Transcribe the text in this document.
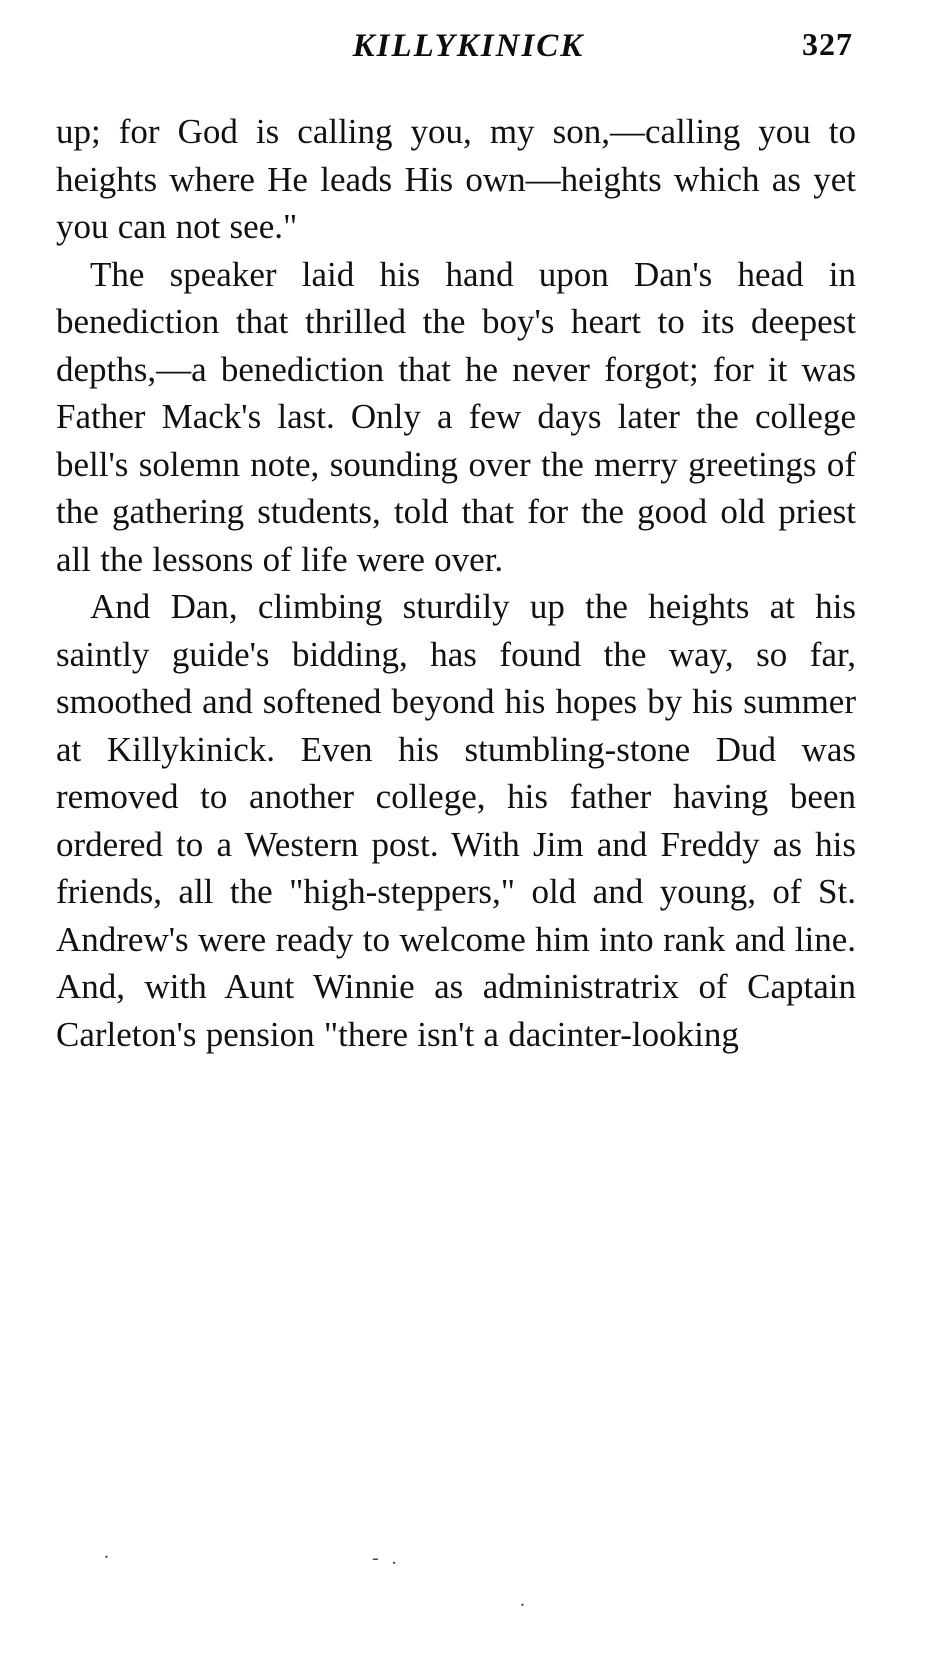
KILLYKINICK	327

up; for God is calling you, my son,—calling you to heights where He leads His own—heights which as yet you can not see."

The speaker laid his hand upon Dan's head in benediction that thrilled the boy's heart to its deepest depths,—a benediction that he never forgot; for it was Father Mack's last. Only a few days later the college bell's solemn note, sounding over the merry greetings of the gathering students, told that for the good old priest all the lessons of life were over.

And Dan, climbing sturdily up the heights at his saintly guide's bidding, has found the way, so far, smoothed and softened beyond his hopes by his summer at Killykinick. Even his stumbling-stone Dud was removed to another college, his father having been ordered to a Western post. With Jim and Freddy as his friends, all the "high-steppers," old and young, of St. Andrew's were ready to welcome him into rank and line. And, with Aunt Winnie as administratrix of Captain Carleton's pension "there isn't a dacinter-looking

.	- .
.
